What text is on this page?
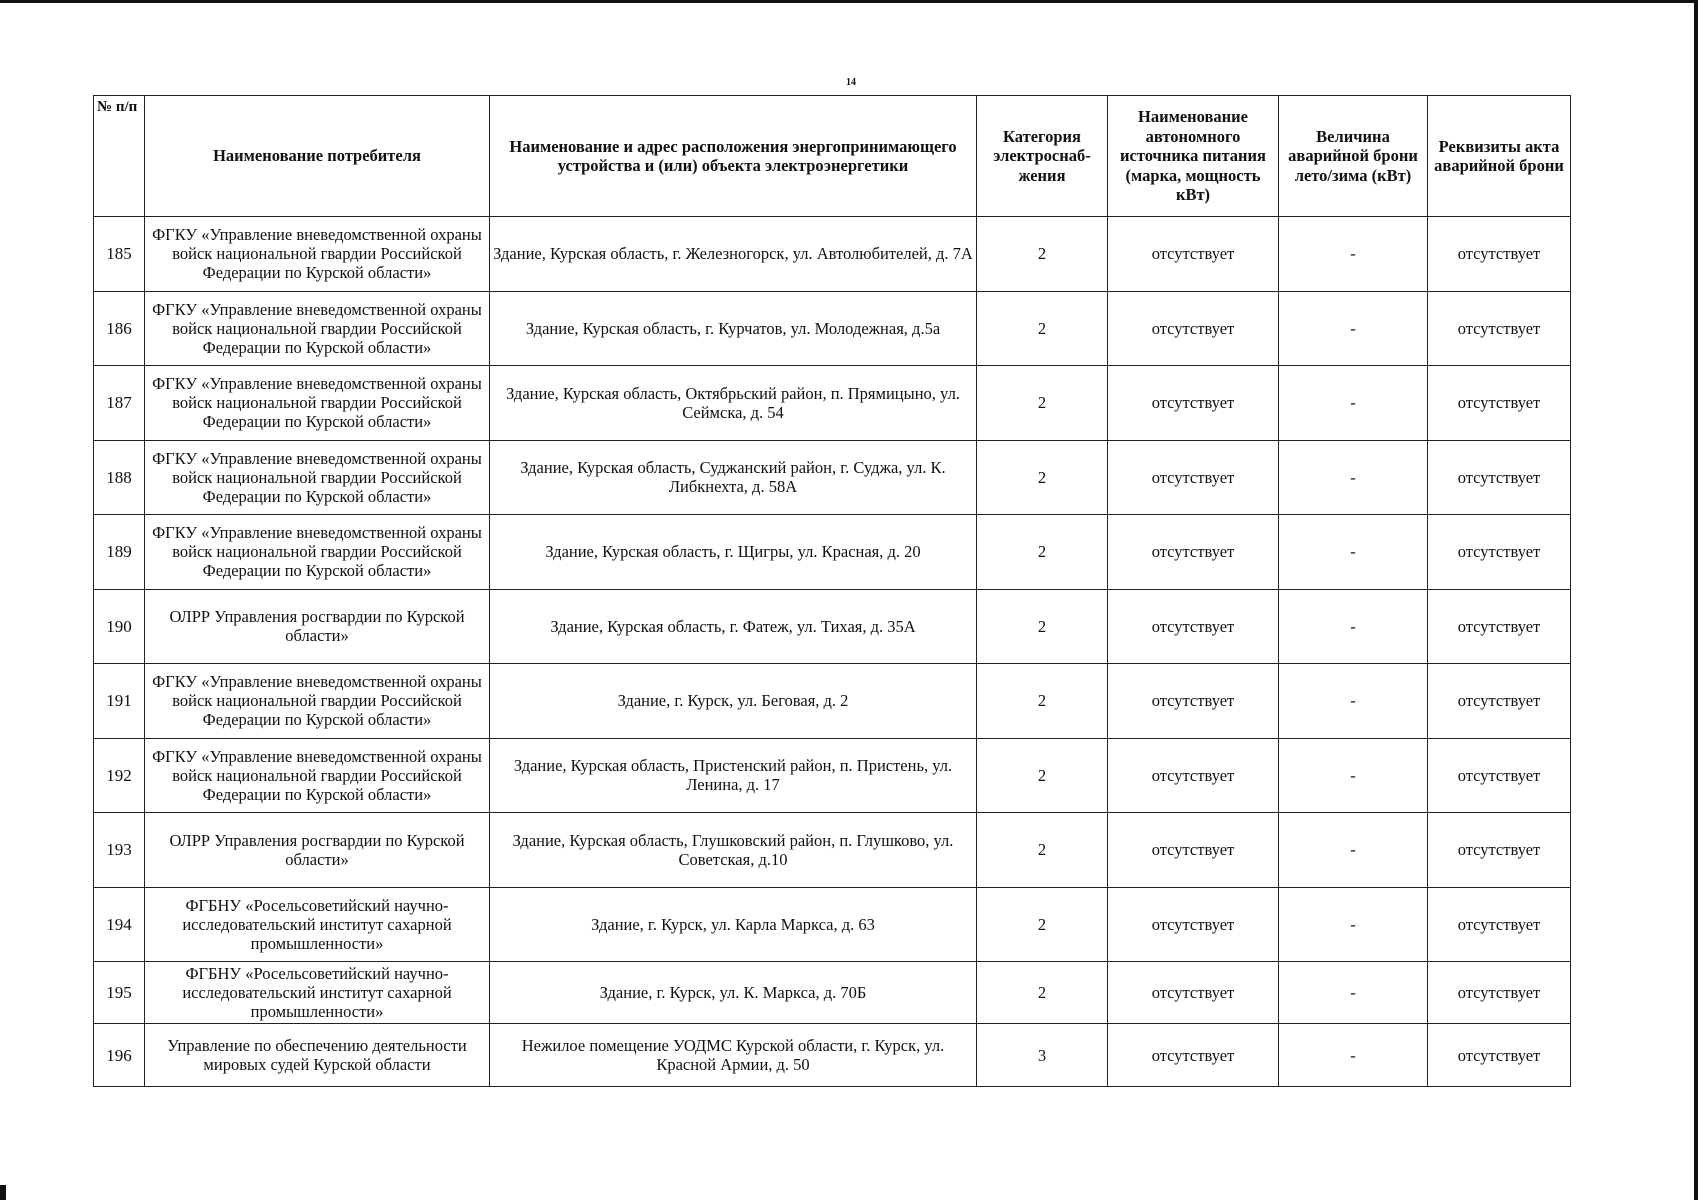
14
№ п/п	Наименование потребителя	Наименование и адрес расположения энергопринимающего устройства и (или) объекта электроэнергетики	Категория электроснаб-жения	Наименование автономного источника питания (марка, мощность кВт)	Величина аварийной брони лето/зима (кВт)	Реквизиты акта аварийной брони
185	ФГКУ «Управление вневедомственной охраны войск национальной гвардии Российской Федерации по Курской области»	Здание, Курская область, г. Железногорск, ул. Автолюбителей, д. 7А	2	отсутствует	-	отсутствует
186	ФГКУ «Управление вневедомственной охраны войск национальной гвардии Российской Федерации по Курской области»	Здание, Курская область, г. Курчатов, ул. Молодежная, д.5а	2	отсутствует	-	отсутствует
187	ФГКУ «Управление вневедомственной охраны войск национальной гвардии Российской Федерации по Курской области»	Здание, Курская область, Октябрьский район, п. Прямицыно, ул. Сеймска, д. 54	2	отсутствует	-	отсутствует
188	ФГКУ «Управление вневедомственной охраны войск национальной гвардии Российской Федерации по Курской области»	Здание, Курская область, Суджанский район, г. Суджа, ул. К. Либкнехта, д. 58А	2	отсутствует	-	отсутствует
189	ФГКУ «Управление вневедомственной охраны войск национальной гвардии Российской Федерации по Курской области»	Здание, Курская область, г. Щигры, ул. Красная, д. 20	2	отсутствует	-	отсутствует
190	ОЛРР Управления росгвардии по Курской области»	Здание, Курская область, г. Фатеж, ул. Тихая, д. 35А	2	отсутствует	-	отсутствует
191	ФГКУ «Управление вневедомственной охраны войск национальной гвардии Российской Федерации по Курской области»	Здание, г. Курск, ул. Беговая, д. 2	2	отсутствует	-	отсутствует
192	ФГКУ «Управление вневедомственной охраны войск национальной гвардии Российской Федерации по Курской области»	Здание, Курская область, Пристенский район, п. Пристень, ул. Ленина, д. 17	2	отсутствует	-	отсутствует
193	ОЛРР Управления росгвардии по Курской области»	Здание, Курская область, Глушковский район, п. Глушково, ул. Советская, д.10	2	отсутствует	-	отсутствует
194	ФГБНУ «Росельсоветийский научно-исследовательский институт сахарной промышленности»	Здание, г. Курск, ул. Карла Маркса, д. 63	2	отсутствует	-	отсутствует
195	ФГБНУ «Росельсоветийский научно-исследовательский институт сахарной промышленности»	Здание, г. Курск, ул. К. Маркса, д. 70Б	2	отсутствует	-	отсутствует
196	Управление по обеспечению деятельности мировых судей Курской области	Нежилое помещение УОДМС Курской области, г. Курск, ул. Красной Армии, д. 50	3	отсутствует	-	отсутствует
